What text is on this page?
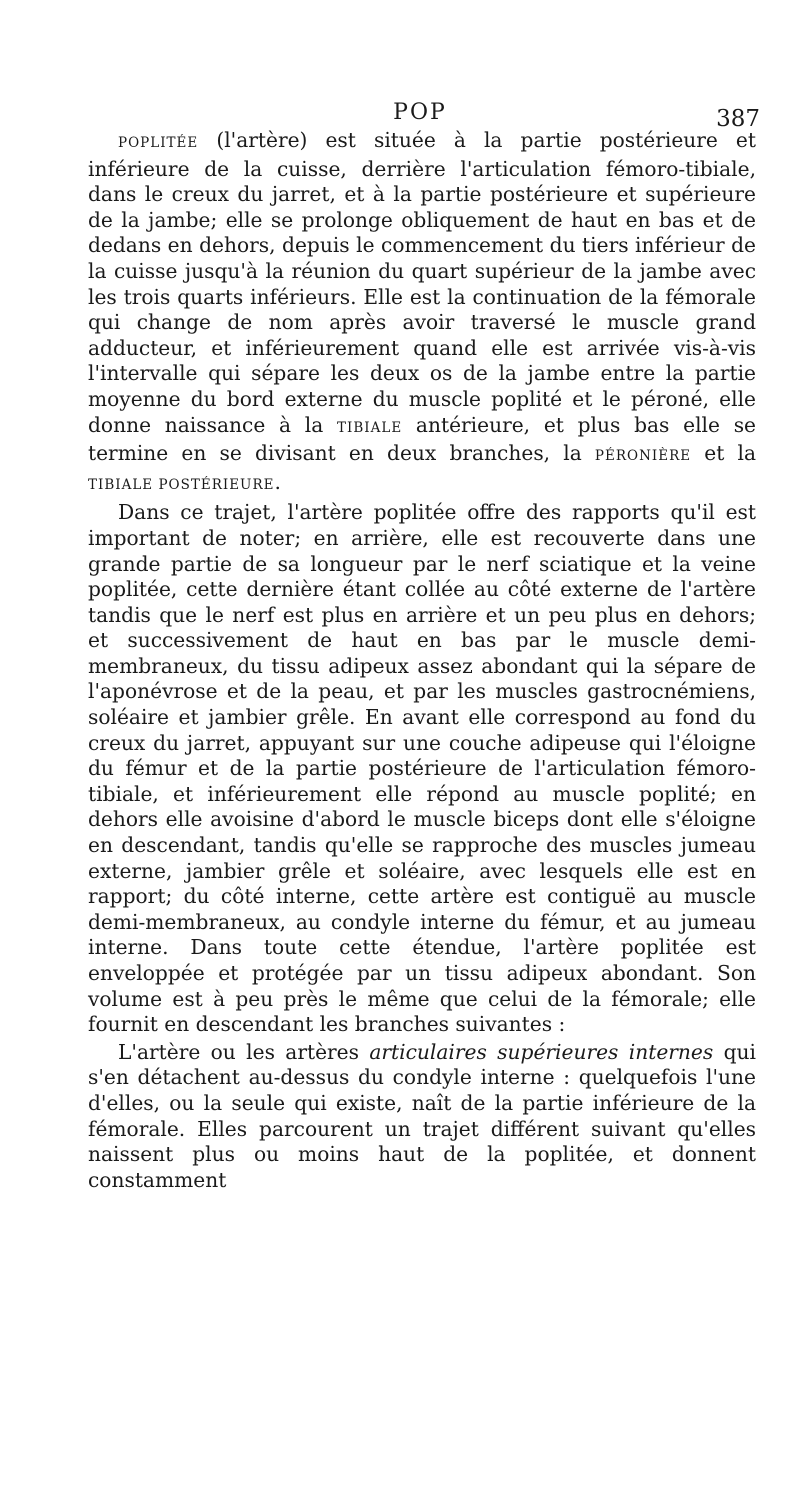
POP	387

POPLITÉE (l'artère) est située à la partie postérieure et inférieure de la cuisse, derrière l'articulation fémoro-tibiale, dans le creux du jarret, et à la partie postérieure et supérieure de la jambe; elle se prolonge obliquement de haut en bas et de dedans en dehors, depuis le commencement du tiers inférieur de la cuisse jusqu'à la réunion du quart supérieur de la jambe avec les trois quarts inférieurs. Elle est la continuation de la fémorale qui change de nom après avoir traversé le muscle grand adducteur, et inférieurement quand elle est arrivée vis-à-vis l'intervalle qui sépare les deux os de la jambe entre la partie moyenne du bord externe du muscle poplité et le péroné, elle donne naissance à la TIBIALE antérieure, et plus bas elle se termine en se divisant en deux branches, la PÉRONIÈRE et la TIBIALE POSTÉRIEURE.

Dans ce trajet, l'artère poplitée offre des rapports qu'il est important de noter; en arrière, elle est recouverte dans une grande partie de sa longueur par le nerf sciatique et la veine poplitée, cette dernière étant collée au côté externe de l'artère tandis que le nerf est plus en arrière et un peu plus en dehors; et successivement de haut en bas par le muscle demi-membraneux, du tissu adipeux assez abondant qui la sépare de l'aponévrose et de la peau, et par les muscles gastrocnémiens, soléaire et jambier grêle. En avant elle correspond au fond du creux du jarret, appuyant sur une couche adipeuse qui l'éloigne du fémur et de la partie postérieure de l'articulation fémoro-tibiale, et inférieurement elle répond au muscle poplité; en dehors elle avoisine d'abord le muscle biceps dont elle s'éloigne en descendant, tandis qu'elle se rapproche des muscles jumeau externe, jambier grêle et soléaire, avec lesquels elle est en rapport; du côté interne, cette artère est contiguë au muscle demi-membraneux, au condyle interne du fémur, et au jumeau interne. Dans toute cette étendue, l'artère poplitée est enveloppée et protégée par un tissu adipeux abondant. Son volume est à peu près le même que celui de la fémorale; elle fournit en descendant les branches suivantes :

L'artère ou les artères articulaires supérieures internes qui s'en détachent au-dessus du condyle interne : quelquefois l'une d'elles, ou la seule qui existe, naît de la partie inférieure de la fémorale. Elles parcourent un trajet différent suivant qu'elles naissent plus ou moins haut de la poplitée, et donnent constamment
